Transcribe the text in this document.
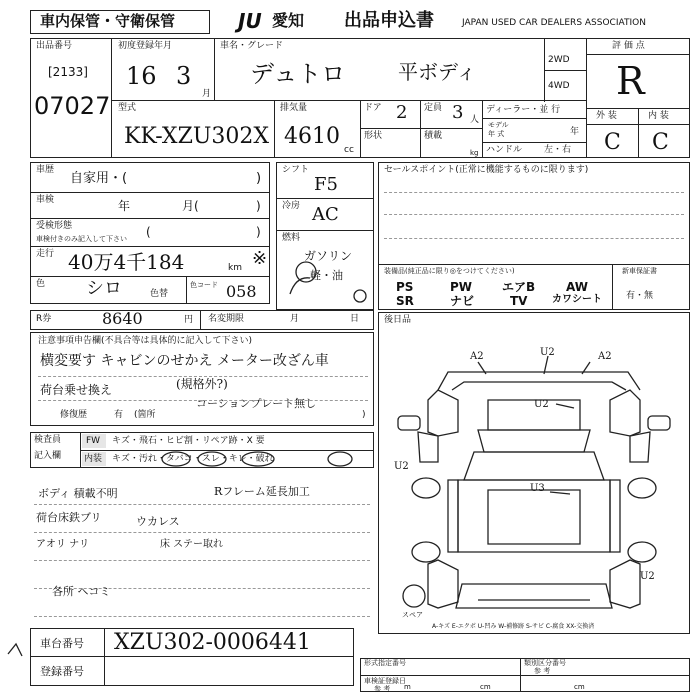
車内保管・守衛保管	JU 愛知 出品申込書	JAPAN USED CAR DEALERS ASSOCIATION
出品番号
[2133]
07027
初度登録年月
16 3
月
車名・グレード
デュトロ	平ボディ	2WD
4WD
評 価 点
R
外 装	内 装
C C
型式
KK-XZU302X
排気量
4610
cc
ドア 2 定員 3 人
形状	積載
kg
ディーラー・並 行
モデル
年 式	年
ハンドル 左・右
車歴
自家用・(	)
車検	年	月(	)
受検形態
車検付きのみ記入して下さい (	)
走行 40万4千184	km ※
色 シロ	色替
色コード 058
シフト
F5
冷房 AC
燃料
ガソリン
軽・油
セールスポイント(正常に機能するものに限ります)
装備品(純正品に限り◎をつけてください)	新車保証書
有・無
PS	PW エアB	AW
SR	ナビ	TV カワシート
R券	8640	円 名変期限	月	日
注意事項申告欄(不具合等は具体的に記入して下さい)
横変要す キャビンのせかえ メーター改ざん車
荷台乗せ換え	(規格外?)
コーションプレート無し
修復歴	有 (箇所	)
検査員
記入欄
FW キズ・飛石・ヒビ割・リペア跡・X 要
内装 キズ・汚れ・タバコ・スレ・キレ・破れ
ボディ 積載不明	Rフレーム延長加工
荷台床鉄ブリ	ウカレス
アオリ ナリ	床 ステー取れ
各所 ヘコミ
後日品
A2	U2	A2
U2
U2
U3
U2
スペア
A-キズ E-エクボ U-凹み W-補修跡 S-サビ C-腐食 XX-交換済
車台番号 XZU302-0006441
登録番号
形式指定番号	類別区分番号
参 考
車検証登録日
参 考 m	cm	cm
